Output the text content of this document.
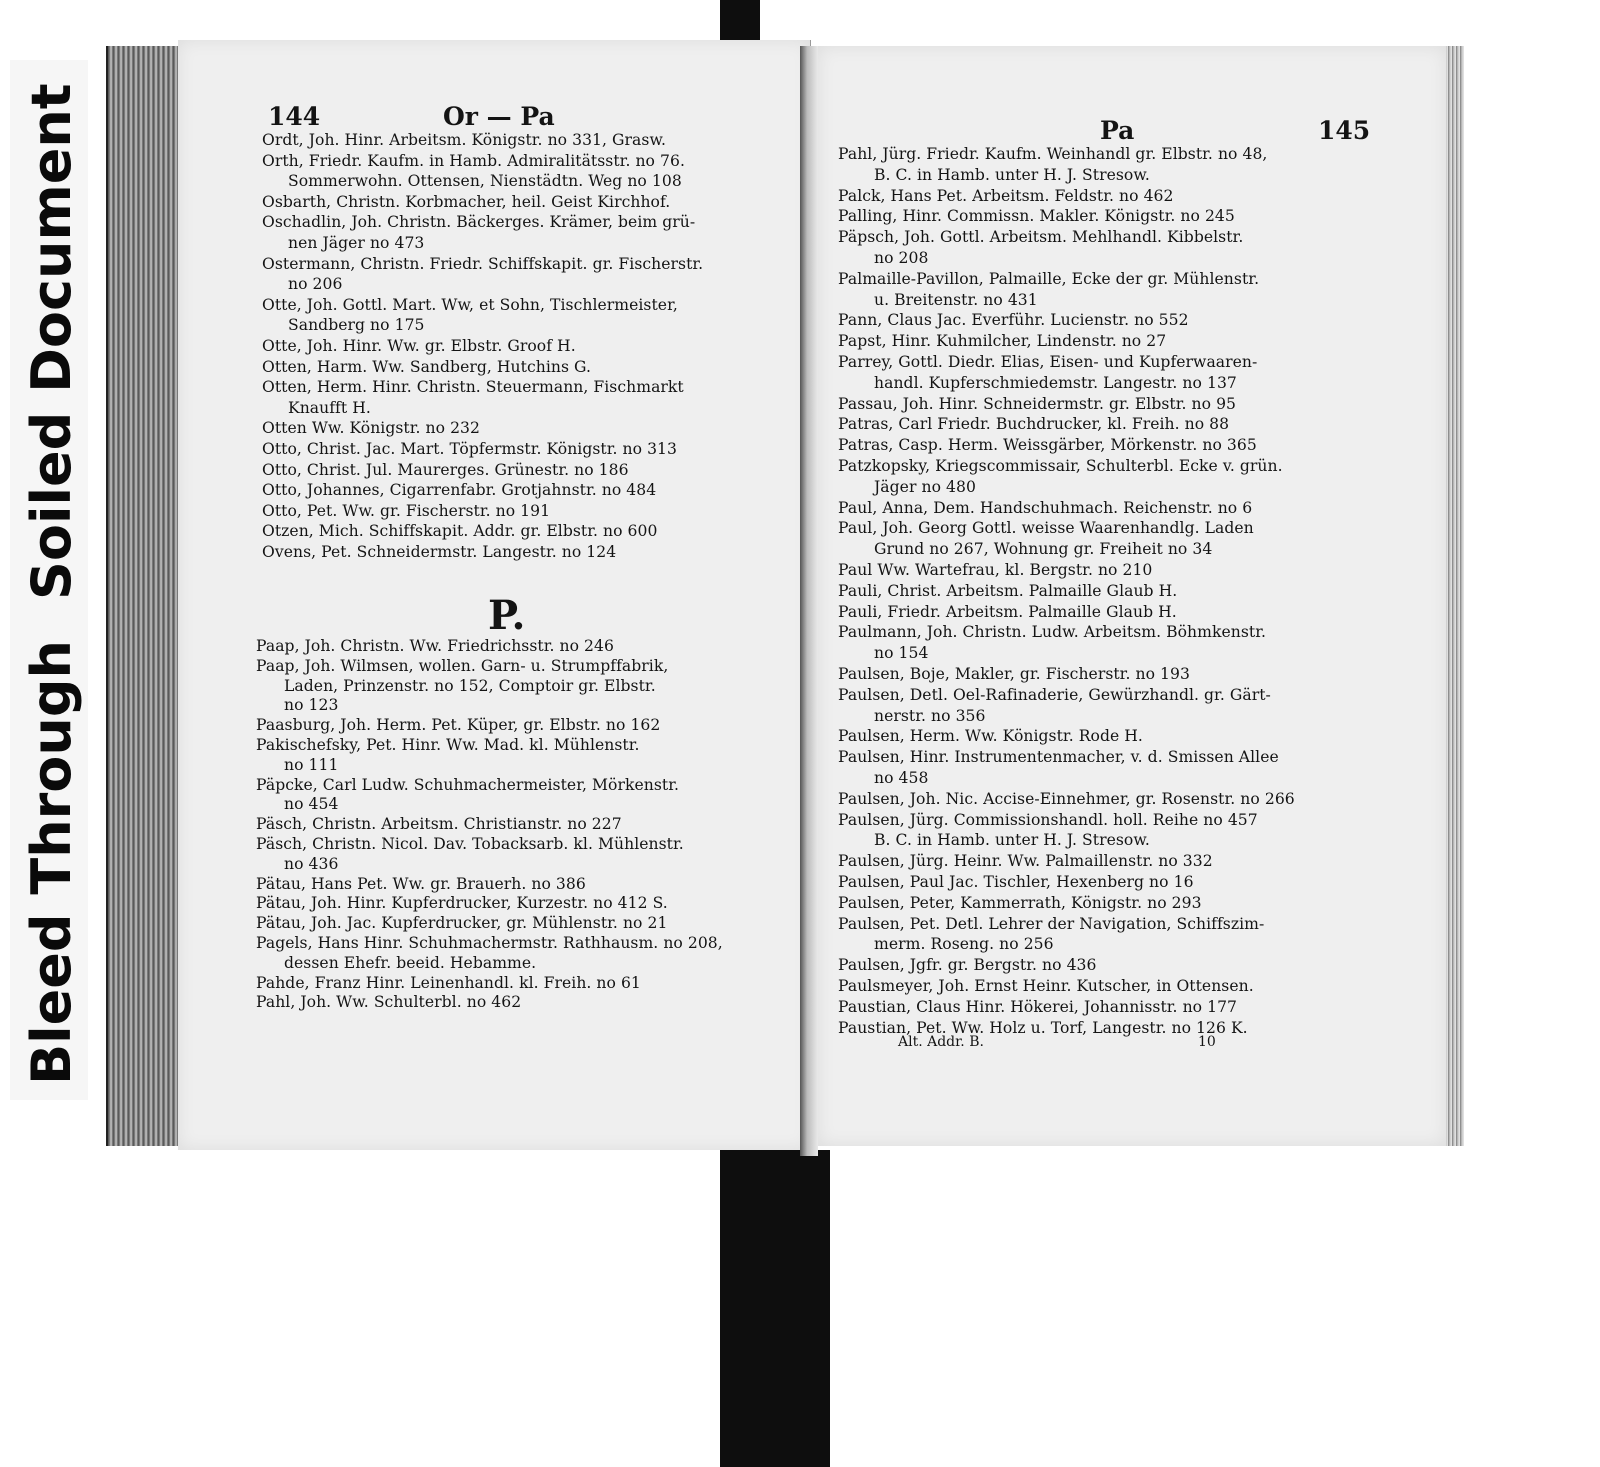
Soiled Document
Bleed Through
144	Or — Pa
Ordt, Joh. Hinr. Arbeitsm. Königstr. no 331, Grasw.
Orth, Friedr. Kaufm. in Hamb. Admiralitätsstr. no 76.
Sommerwohn. Ottensen, Nienstädtn. Weg no 108
Osbarth, Christn. Korbmacher, heil. Geist Kirchhof.
Oschadlin, Joh. Christn. Bäckerges. Krämer, beim grü-
nen Jäger no 473
Ostermann, Christn. Friedr. Schiffskapit. gr. Fischerstr.
no 206
Otte, Joh. Gottl. Mart. Ww, et Sohn, Tischlermeister,
Sandberg no 175
Otte, Joh. Hinr. Ww. gr. Elbstr. Groof H.
Otten, Harm. Ww. Sandberg, Hutchins G.
Otten, Herm. Hinr. Christn. Steuermann, Fischmarkt
Knaufft H.
Otten Ww. Königstr. no 232
Otto, Christ. Jac. Mart. Töpfermstr. Königstr. no 313
Otto, Christ. Jul. Maurerges. Grünestr. no 186
Otto, Johannes, Cigarrenfabr. Grotjahnstr. no 484
Otto, Pet. Ww. gr. Fischerstr. no 191
Otzen, Mich. Schiffskapit. Addr. gr. Elbstr. no 600
Ovens, Pet. Schneidermstr. Langestr. no 124
P.
Paap, Joh. Christn. Ww. Friedrichsstr. no 246
Paap, Joh. Wilmsen, wollen. Garn- u. Strumpffabrik,
Laden, Prinzenstr. no 152, Comptoir gr. Elbstr.
no 123
Paasburg, Joh. Herm. Pet. Küper, gr. Elbstr. no 162
Pakischefsky, Pet. Hinr. Ww. Mad. kl. Mühlenstr.
no 111
Päpcke, Carl Ludw. Schuhmachermeister, Mörkenstr.
no 454
Päsch, Christn. Arbeitsm. Christianstr. no 227
Päsch, Christn. Nicol. Dav. Tobacksarb. kl. Mühlenstr.
no 436
Pätau, Hans Pet. Ww. gr. Brauerh. no 386
Pätau, Joh. Hinr. Kupferdrucker, Kurzestr. no 412 S.
Pätau, Joh. Jac. Kupferdrucker, gr. Mühlenstr. no 21
Pagels, Hans Hinr. Schuhmachermstr. Rathhausm. no 208,
dessen Ehefr. beeid. Hebamme.
Pahde, Franz Hinr. Leinenhandl. kl. Freih. no 61
Pahl, Joh. Ww. Schulterbl. no 462
Pa	145
Pahl, Jürg. Friedr. Kaufm. Weinhandl gr. Elbstr. no 48,
B. C. in Hamb. unter H. J. Stresow.
Palck, Hans Pet. Arbeitsm. Feldstr. no 462
Palling, Hinr. Commissn. Makler. Königstr. no 245
Päpsch, Joh. Gottl. Arbeitsm. Mehlhandl. Kibbelstr.
no 208
Palmaille-Pavillon, Palmaille, Ecke der gr. Mühlenstr.
u. Breitenstr. no 431
Pann, Claus Jac. Everführ. Lucienstr. no 552
Papst, Hinr. Kuhmilcher, Lindenstr. no 27
Parrey, Gottl. Diedr. Elias, Eisen- und Kupferwaaren-
handl. Kupferschmiedemstr. Langestr. no 137
Passau, Joh. Hinr. Schneidermstr. gr. Elbstr. no 95
Patras, Carl Friedr. Buchdrucker, kl. Freih. no 88
Patras, Casp. Herm. Weissgärber, Mörkenstr. no 365
Patzkopsky, Kriegscommissair, Schulterbl. Ecke v. grün.
Jäger no 480
Paul, Anna, Dem. Handschuhmach. Reichenstr. no 6
Paul, Joh. Georg Gottl. weisse Waarenhandlg. Laden
Grund no 267, Wohnung gr. Freiheit no 34
Paul Ww. Wartefrau, kl. Bergstr. no 210
Pauli, Christ. Arbeitsm. Palmaille Glaub H.
Pauli, Friedr. Arbeitsm. Palmaille Glaub H.
Paulmann, Joh. Christn. Ludw. Arbeitsm. Böhmkenstr.
no 154
Paulsen, Boje, Makler, gr. Fischerstr. no 193
Paulsen, Detl. Oel-Rafinaderie, Gewürzhandl. gr. Gärt-
nerstr. no 356
Paulsen, Herm. Ww. Königstr. Rode H.
Paulsen, Hinr. Instrumentenmacher, v. d. Smissen Allee
no 458
Paulsen, Joh. Nic. Accise-Einnehmer, gr. Rosenstr. no 266
Paulsen, Jürg. Commissionshandl. holl. Reihe no 457
B. C. in Hamb. unter H. J. Stresow.
Paulsen, Jürg. Heinr. Ww. Palmaillenstr. no 332
Paulsen, Paul Jac. Tischler, Hexenberg no 16
Paulsen, Peter, Kammerrath, Königstr. no 293
Paulsen, Pet. Detl. Lehrer der Navigation, Schiffszim-
merm. Roseng. no 256
Paulsen, Jgfr. gr. Bergstr. no 436
Paulsmeyer, Joh. Ernst Heinr. Kutscher, in Ottensen.
Paustian, Claus Hinr. Hökerei, Johannisstr. no 177
Paustian, Pet. Ww. Holz u. Torf, Langestr. no 126 K.
Alt. Addr. B.	10
